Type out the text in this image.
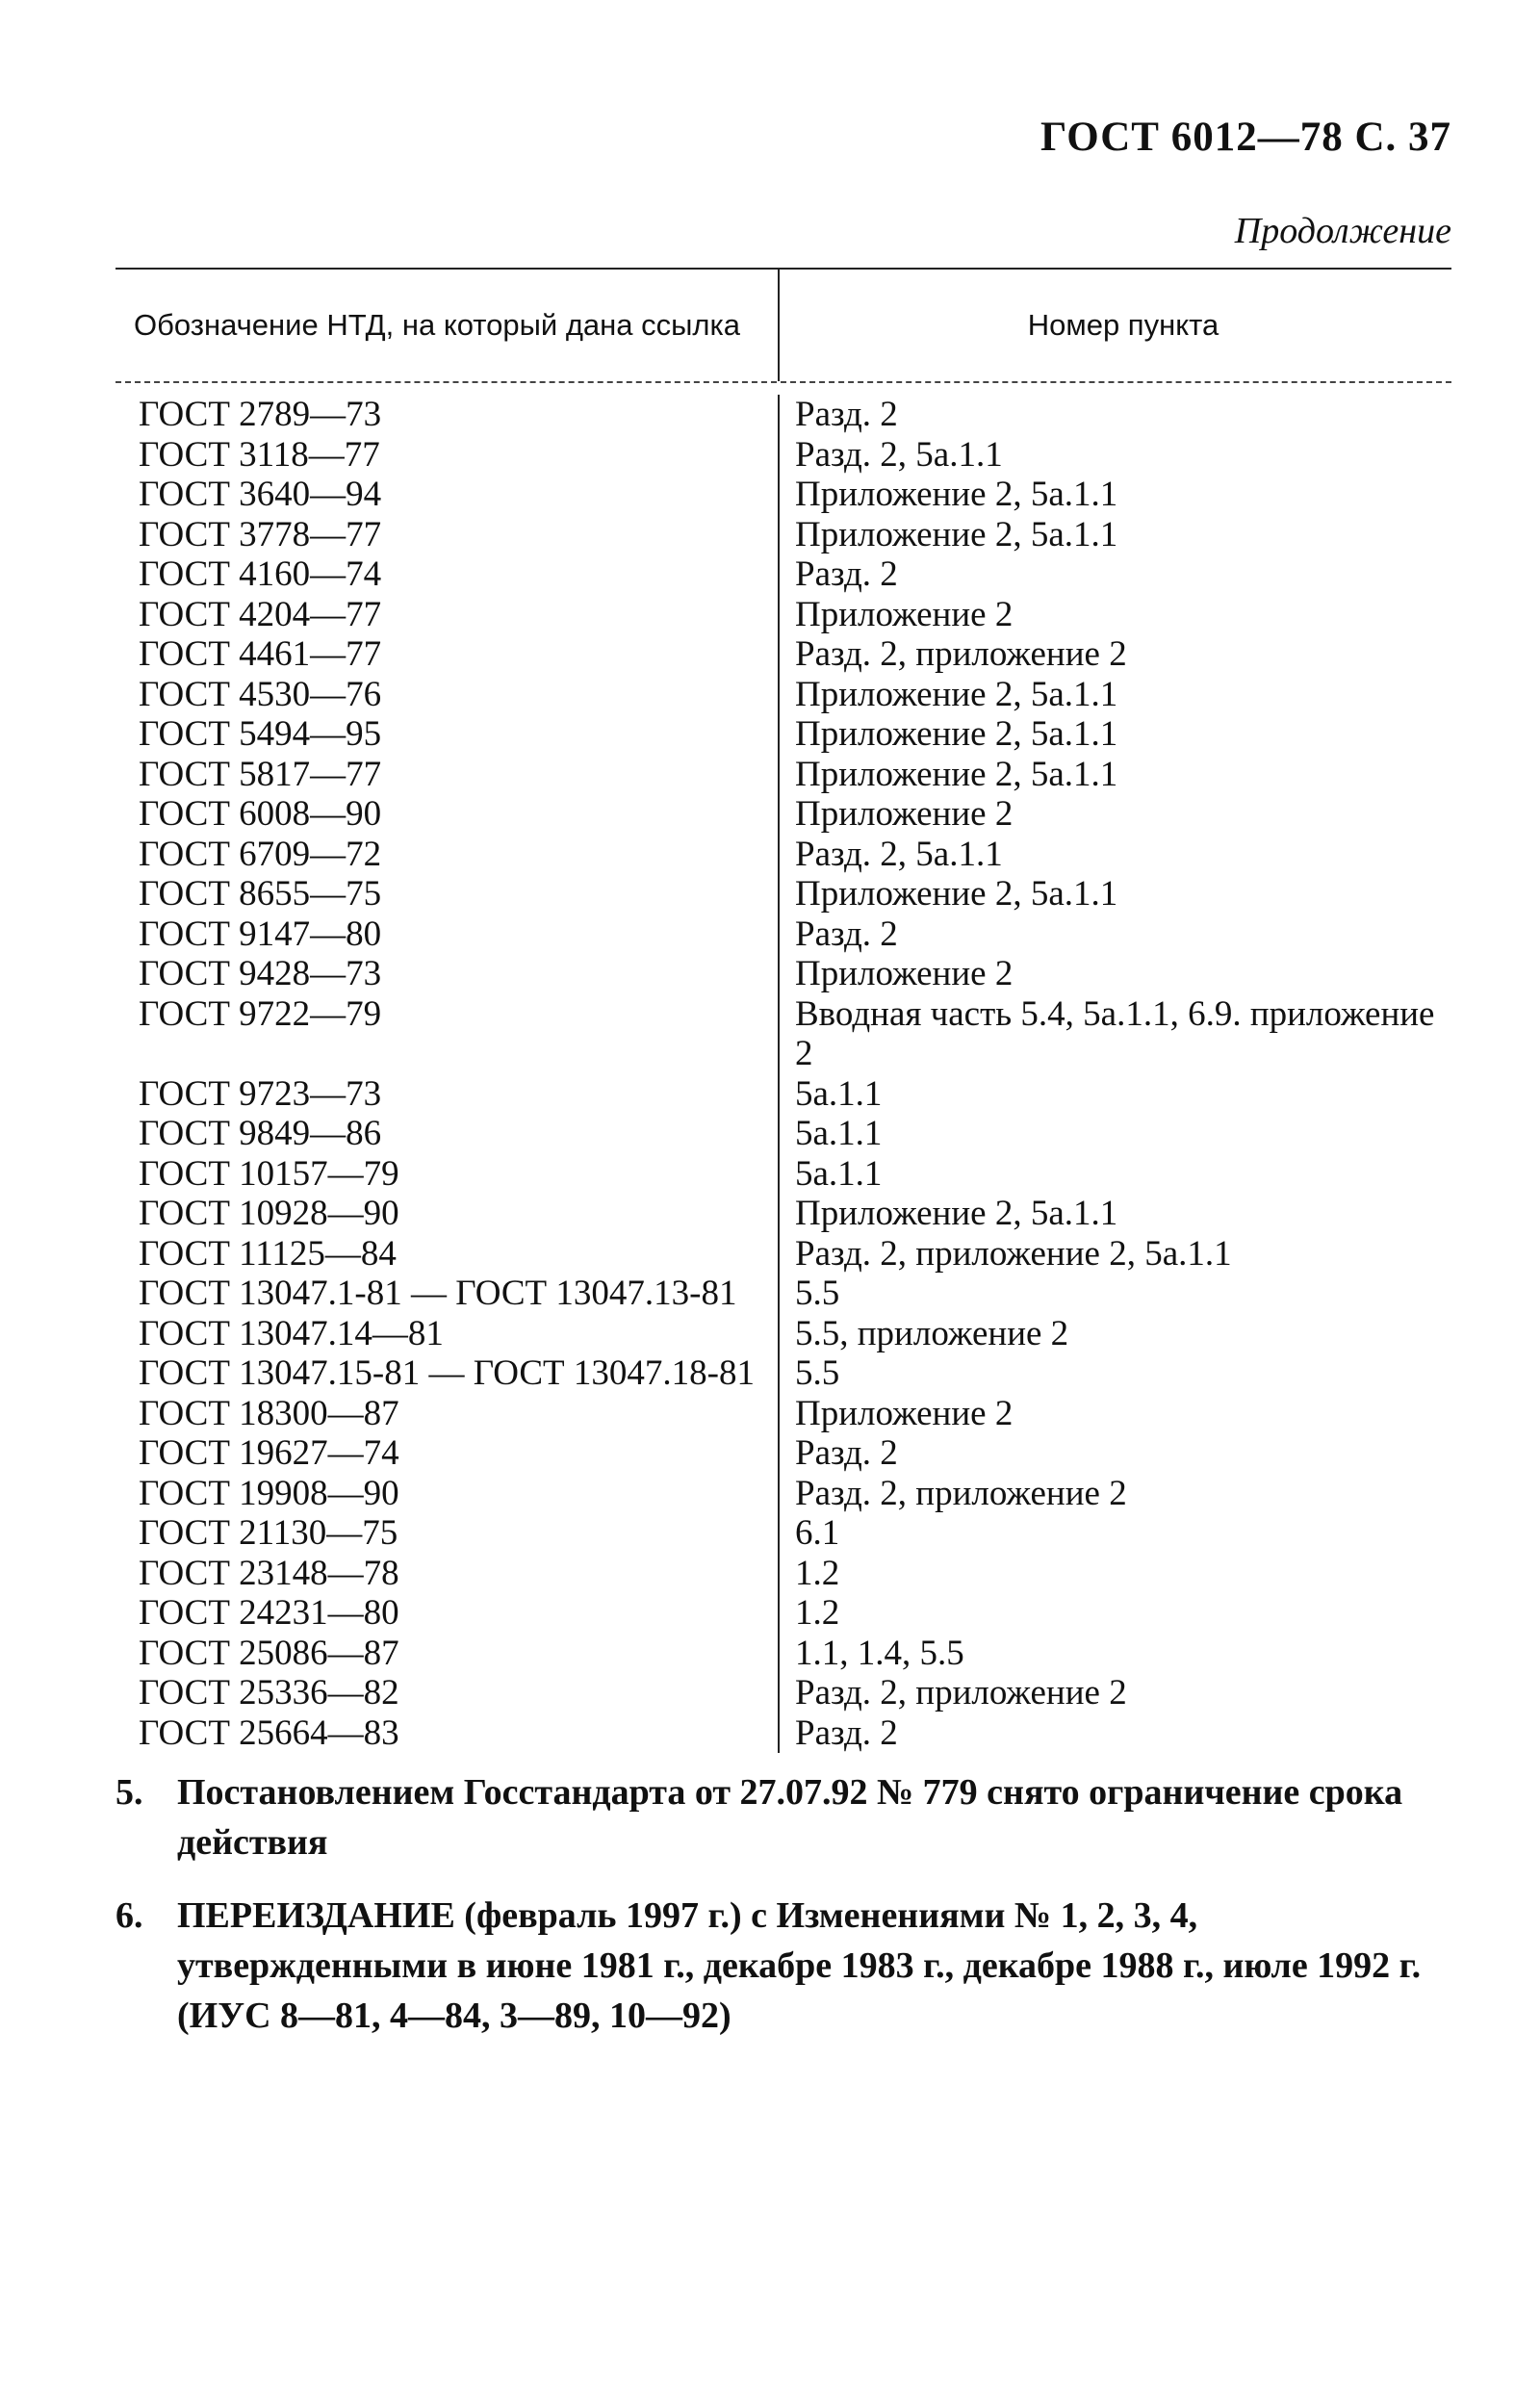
ГОСТ 6012—78 С. 37
Продолжение
Обозначение НТД, на который дана ссылка	Номер пункта
ГОСТ 2789—73	Разд. 2
ГОСТ 3118—77	Разд. 2, 5а.1.1
ГОСТ 3640—94	Приложение 2, 5а.1.1
ГОСТ 3778—77	Приложение 2, 5а.1.1
ГОСТ 4160—74	Разд. 2
ГОСТ 4204—77	Приложение 2
ГОСТ 4461—77	Разд. 2, приложение 2
ГОСТ 4530—76	Приложение 2, 5а.1.1
ГОСТ 5494—95	Приложение 2, 5а.1.1
ГОСТ 5817—77	Приложение 2, 5а.1.1
ГОСТ 6008—90	Приложение 2
ГОСТ 6709—72	Разд. 2, 5а.1.1
ГОСТ 8655—75	Приложение 2, 5а.1.1
ГОСТ 9147—80	Разд. 2
ГОСТ 9428—73	Приложение 2
ГОСТ 9722—79	Вводная часть 5.4, 5а.1.1, 6.9. приложение 2
ГОСТ 9723—73	5а.1.1
ГОСТ 9849—86	5а.1.1
ГОСТ 10157—79	5а.1.1
ГОСТ 10928—90	Приложение 2, 5а.1.1
ГОСТ 11125—84	Разд. 2, приложение 2, 5а.1.1
ГОСТ 13047.1-81 — ГОСТ 13047.13-81	5.5
ГОСТ 13047.14—81	5.5, приложение 2
ГОСТ 13047.15-81 — ГОСТ 13047.18-81	5.5
ГОСТ 18300—87	Приложение 2
ГОСТ 19627—74	Разд. 2
ГОСТ 19908—90	Разд. 2, приложение 2
ГОСТ 21130—75	6.1
ГОСТ 23148—78	1.2
ГОСТ 24231—80	1.2
ГОСТ 25086—87	1.1, 1.4, 5.5
ГОСТ 25336—82	Разд. 2, приложение 2
ГОСТ 25664—83	Разд. 2
5. Постановлением Госстандарта от 27.07.92 № 779 снято ограничение срока действия
6. ПЕРЕИЗДАНИЕ (февраль 1997 г.) с Изменениями № 1, 2, 3, 4, утвержденными в июне 1981 г., декабре 1983 г., декабре 1988 г., июле 1992 г. (ИУС 8—81, 4—84, 3—89, 10—92)
